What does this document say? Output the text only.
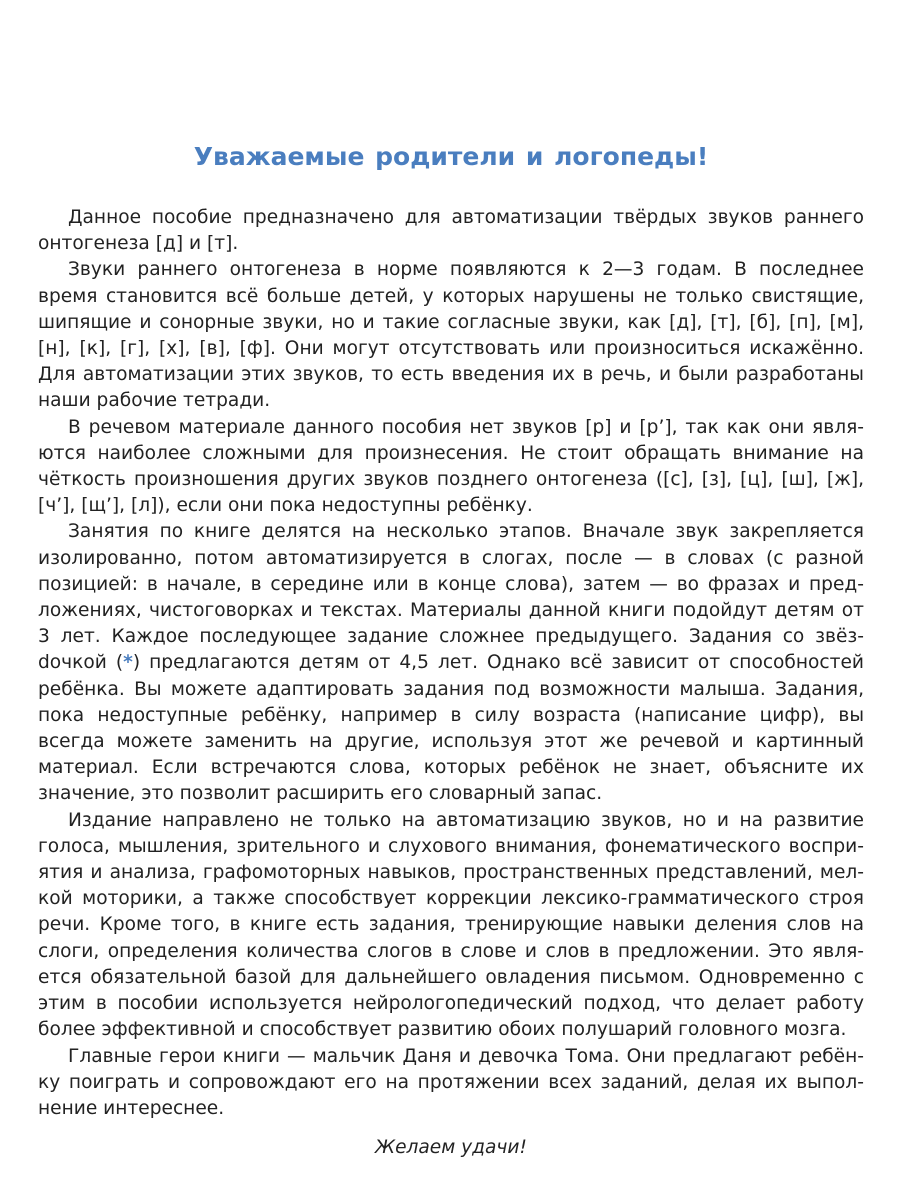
Уважаемые родители и логопеды!

Данное пособие предназначено для автоматизации твёрдых звуков раннего онтогенеза [д] и [т].

Звуки раннего онтогенеза в норме появляются к 2—3 годам. В последнее время становится всё больше детей, у которых нарушены не только свистящие, шипящие и сонорные звуки, но и такие согласные звуки, как [д], [т], [б], [п], [м], [н], [к], [г], [х], [в], [ф]. Они могут отсутствовать или произноситься искажённо. Для автоматизации этих звуков, то есть введения их в речь, и были разработаны наши рабочие тетради.

В речевом материале данного пособия нет звуков [р] и [р’], так как они являются наиболее сложными для произнесения. Не стоит обращать внимание на чёткость произношения других звуков позднего онтогенеза ([с], [з], [ц], [ш], [ж], [ч’], [щ’], [л]), если они пока недоступны ребёнку.

Занятия по книге делятся на несколько этапов. Вначале звук закрепляется изолированно, потом автоматизируется в слогах, после — в словах (с разной позицией: в начале, в середине или в конце слова), затем — во фразах и предложениях, чистоговорках и текстах. Материалы данной книги подойдут детям от 3 лет. Каждое последующее задание сложнее предыдущего. Задания со звёзdочкой (*) предлагаются детям от 4,5 лет. Однако всё зависит от способностей ребёнка. Вы можете адаптировать задания под возможности малыша. Задания, пока недоступные ребёнку, например в силу возраста (написание цифр), вы всегда можете заменить на другие, используя этот же речевой и картинный материал. Если встречаются слова, которых ребёнок не знает, объясните их значение, это позволит расширить его словарный запас.

Издание направлено не только на автоматизацию звуков, но и на развитие голоса, мышления, зрительного и слухового внимания, фонематического восприятия и анализа, графомоторных навыков, пространственных представлений, мелкой моторики, а также способствует коррекции лексико-грамматического строя речи. Кроме того, в книге есть задания, тренирующие навыки деления слов на слоги, определения количества слогов в слове и слов в предложении. Это является обязательной базой для дальнейшего овладения письмом. Одновременно с этим в пособии используется нейрологопедический подход, что делает работу более эффективной и способствует развитию обоих полушарий головного мозга.

Главные герои книги — мальчик Даня и девочка Тома. Они предлагают ребёнку поиграть и сопровождают его на протяжении всех заданий, делая их выполнение интереснее.

Желаем удачи!
